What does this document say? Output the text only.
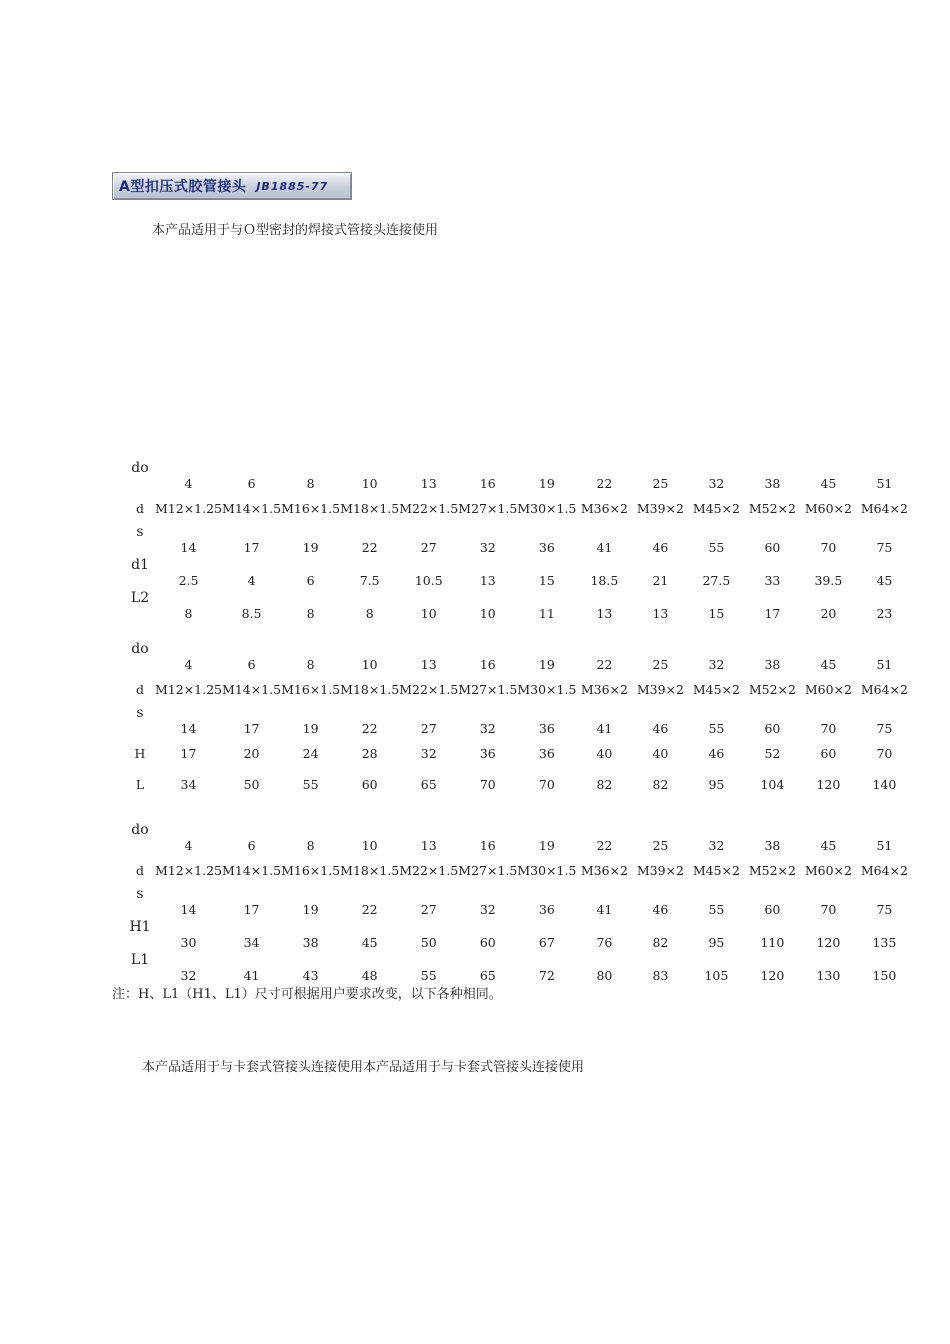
A型扣压式胶管接头 JB1885-77
本产品适用于与Ｏ型密封的焊接式管接头连接使用
do	4	6	8	10	13	16	19	22	25	32	38	45	51
d	M12×1.25	M14×1.5	M16×1.5	M18×1.5	M22×1.5	M27×1.5	M30×1.5	M36×2	M39×2	M45×2	M52×2	M60×2	M64×2
s	14	17	19	22	27	32	36	41	46	55	60	70	75
d1	2.5	4	6	7.5	10.5	13	15	18.5	21	27.5	33	39.5	45
L2	8	8.5	8	8	10	10	11	13	13	15	17	20	23
do	4	6	8	10	13	16	19	22	25	32	38	45	51
d	M12×1.25	M14×1.5	M16×1.5	M18×1.5	M22×1.5	M27×1.5	M30×1.5	M36×2	M39×2	M45×2	M52×2	M60×2	M64×2
s	14	17	19	22	27	32	36	41	46	55	60	70	75
H	17	20	24	28	32	36	36	40	40	46	52	60	70
L	34	50	55	60	65	70	70	82	82	95	104	120	140
do	4	6	8	10	13	16	19	22	25	32	38	45	51
d	M12×1.25	M14×1.5	M16×1.5	M18×1.5	M22×1.5	M27×1.5	M30×1.5	M36×2	M39×2	M45×2	M52×2	M60×2	M64×2
s	14	17	19	22	27	32	36	41	46	55	60	70	75
H1	30	34	38	45	50	60	67	76	82	95	110	120	135
L1	32	41	43	48	55	65	72	80	83	105	120	130	150
注：H、L1（H1、L1）尺寸可根据用户要求改变，以下各种相同。
本产品适用于与卡套式管接头连接使用本产品适用于与卡套式管接头连接使用
